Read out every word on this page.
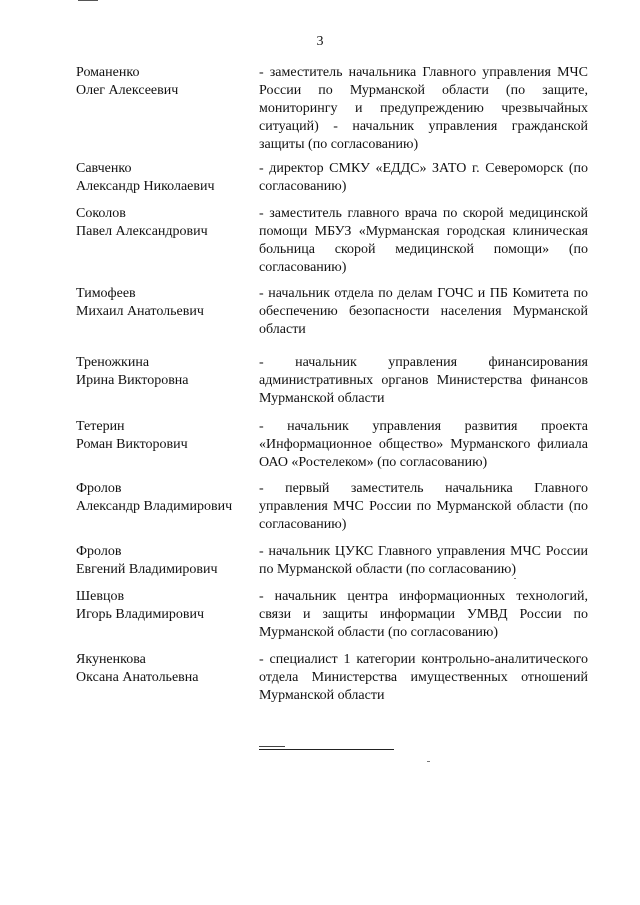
3
Романенко
Олег Алексеевич
- заместитель начальника Главного управления МЧС России по Мурманской области (по защите, мониторингу и предупреждению чрезвычайных ситуаций) - начальник управления гражданской защиты (по согласованию)
Савченко
Александр Николаевич
- директор СМКУ «ЕДДС» ЗАТО г. Североморск (по согласованию)
Соколов
Павел Александрович
- заместитель главного врача по скорой медицинской помощи МБУЗ «Мурманская городская клиническая больница скорой медицинской помощи» (по согласованию)
Тимофеев
Михаил Анатольевич
- начальник отдела по делам ГОЧС и ПБ Комитета по обеспечению безопасности населения Мурманской области
Треножкина
Ирина Викторовна
- начальник управления финансирования административных органов Министерства финансов Мурманской области
Тетерин
Роман Викторович
- начальник управления развития проекта «Информационное общество» Мурманского филиала ОАО «Ростелеком» (по согласованию)
Фролов
Александр Владимирович
- первый заместитель начальника Главного управления МЧС России по Мурманской области (по согласованию)
Фролов
Евгений Владимирович
- начальник ЦУКС Главного управления МЧС России по Мурманской области (по согласованию)
Шевцов
Игорь Владимирович
- начальник центра информационных технологий, связи и защиты информации УМВД России по Мурманской области (по согласованию)
Якуненкова
Оксана Анатольевна
- специалист 1 категории контрольно-аналитического отдела Министерства имущественных отношений Мурманской области
